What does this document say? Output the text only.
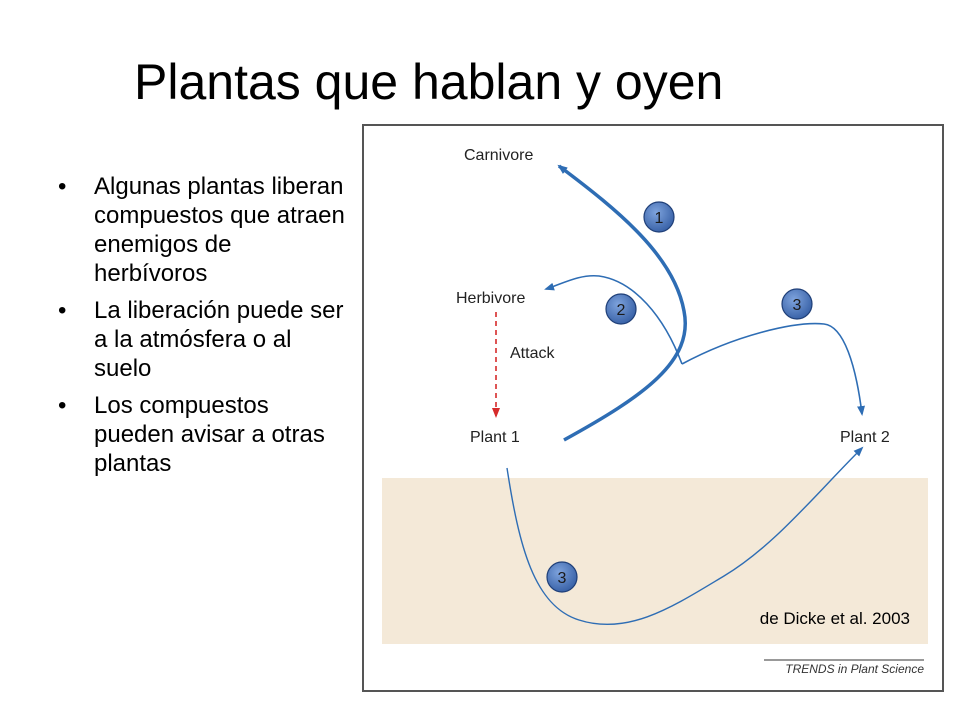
Plantas que hablan y oyen
• Algunas plantas liberan compuestos que atraen enemigos de herbívoros
• La liberación puede ser a la atmósfera o al suelo
• Los compuestos pueden avisar a otras plantas
Carnivore
Herbivore
Attack
Plant 1	Plant 2
1
2	3
3
de Dicke et al. 2003
TRENDS in Plant Science
